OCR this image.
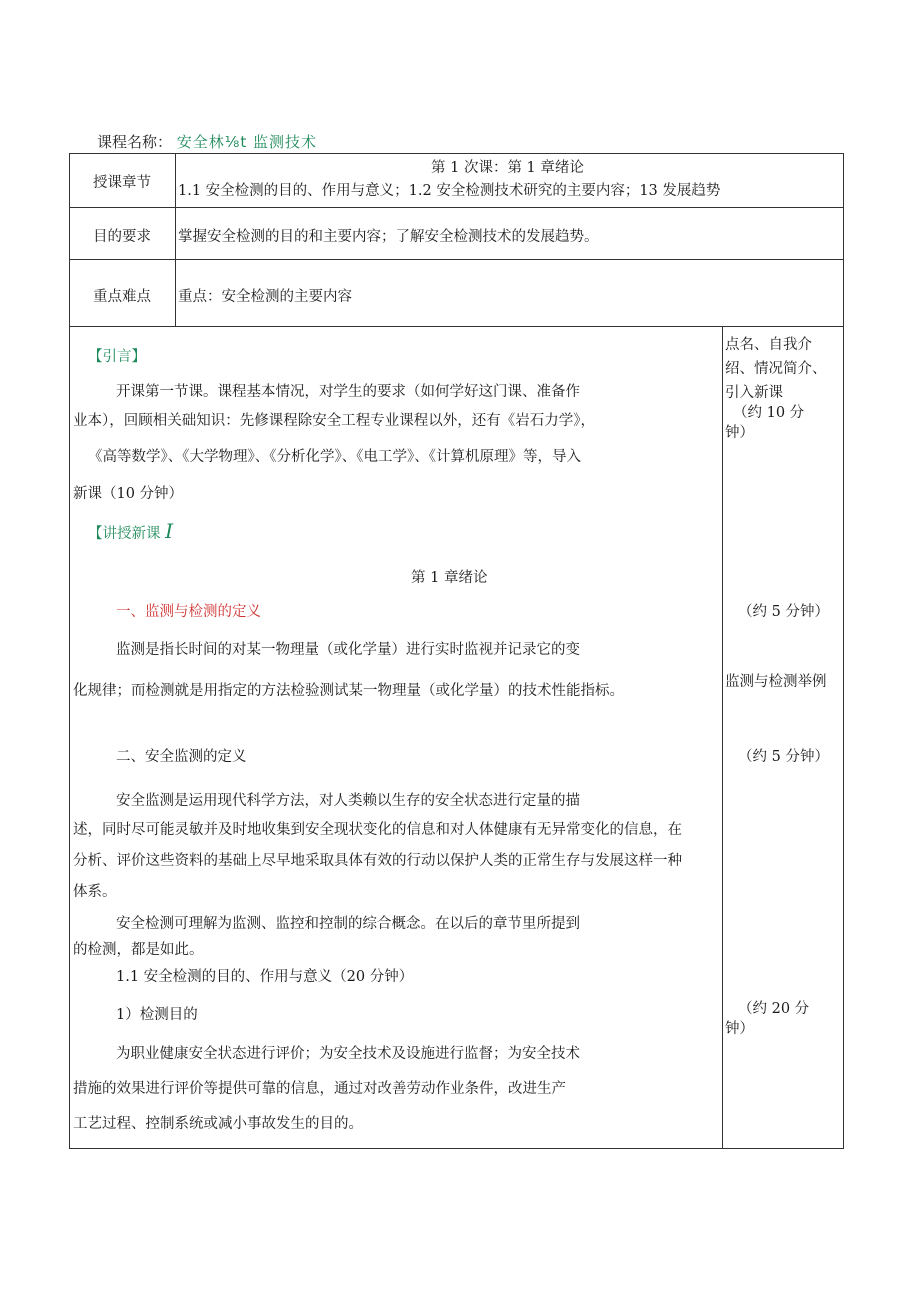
课程名称： 安全林⅛t 监测技术
授课章节
第 1 次课：第 1 章绪论
1.1 安全检测的目的、作用与意义；1.2 安全检测技术研究的主要内容；13 发展趋势
目的要求 掌握安全检测的目的和主要内容；了解安全检测技术的发展趋势。
重点难点 重点：安全检测的主要内容
【引言】
开课第一节课。课程基本情况，对学生的要求（如何学好这门课、准备作
业本），回顾相关础知识：先修课程除安全工程专业课程以外，还有《岩石力学》，
《高等数学》、《大学物理》、《分析化学》、《电工学》、《计算机原理》等，导入
新课（10 分钟）
【讲授新课 I
第 1 章绪论
一、监测与检测的定义
监测是指长时间的对某一物理量（或化学量）进行实时监视并记录它的变
化规律；而检测就是用指定的方法检验测试某一物理量（或化学量）的技术性能指标。
二、安全监测的定义
安全监测是运用现代科学方法，对人类赖以生存的安全状态进行定量的描
述，同时尽可能灵敏并及时地收集到安全现状变化的信息和对人体健康有无异常变化的信息，在
分析、评价这些资料的基础上尽早地采取具体有效的行动以保护人类的正常生存与发展这样一种
体系。
安全检测可理解为监测、监控和控制的综合概念。在以后的章节里所提到
的检测，都是如此。
1.1 安全检测的目的、作用与意义（20 分钟）
1）检测目的
为职业健康安全状态进行评价；为安全技术及设施进行监督；为安全技术
措施的效果进行评价等提供可靠的信息，通过对改善劳动作业条件，改进生产
工艺过程、控制系统或减小事故发生的目的。
点名、自我介
绍、情况简介、
引入新课
（约 10 分
钟）
（约 5 分钟）
监测与检测举例
（约 5 分钟）
（约 20 分
钟）
